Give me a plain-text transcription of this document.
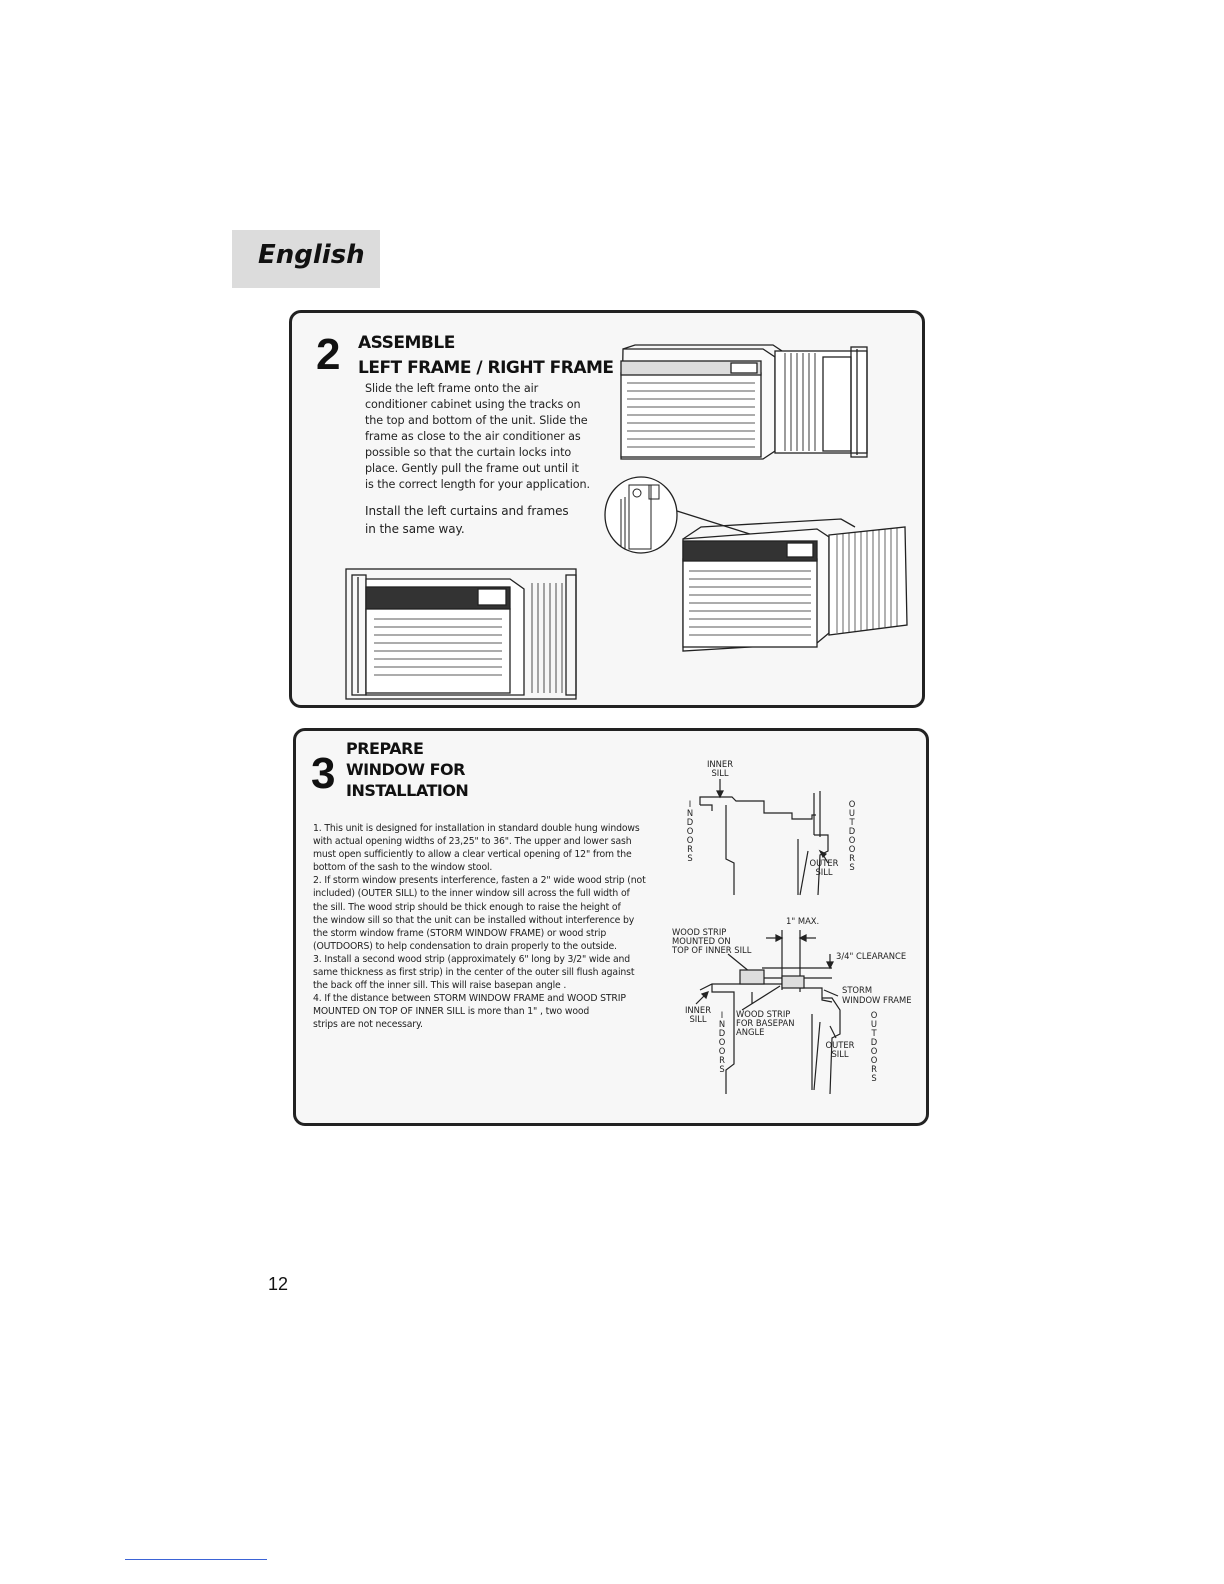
English
2 ASSEMBLE
LEFT FRAME / RIGHT FRAME
Slide the left frame onto the air
conditioner cabinet using the tracks on
the top and bottom of the unit. Slide the
frame as close to the air conditioner as
possible so that the curtain locks into
place. Gently pull the frame out until it
is the correct length for your application.
Install the left curtains and frames
in the same way.
3
PREPARE
WINDOW FOR
INSTALLATION
1. This unit is designed for installation in standard double hung windows
with actual opening widths of 23,25" to 36". The upper and lower sash
must open sufficiently to allow a clear vertical opening of 12" from the
bottom of the sash to the window stool.
2. If storm window presents interference, fasten a 2" wide wood strip (not
included) (OUTER SILL) to the inner window sill across the full width of
the sill. The wood strip should be thick enough to raise the height of
the window sill so that the unit can be installed without interference by
the storm window frame (STORM WINDOW FRAME) or wood strip
(OUTDOORS) to help condensation to drain properly to the outside.
3. Install a second wood strip (approximately 6" long by 3/2" wide and
same thickness as first strip) in the center of the outer sill flush against
the back off the inner sill. This will raise basepan angle .
4. If the distance between STORM WINDOW FRAME and WOOD STRIP
MOUNTED ON TOP OF INNER SILL is more than 1" , two wood
strips are not necessary.
INNER
SILL
OUTER
SILL
INDOORS	OUTDOORS
1" MAX.
WOOD STRIP
MOUNTED ON
TOP OF INNER SILL
3/4" CLEARANCE
STORM
WINDOW FRAME
INNER
SILL	WOOD STRIP
FOR BASEPAN
ANGLE
OUTER
SILL
INDOORS	OUTDOORS
12
